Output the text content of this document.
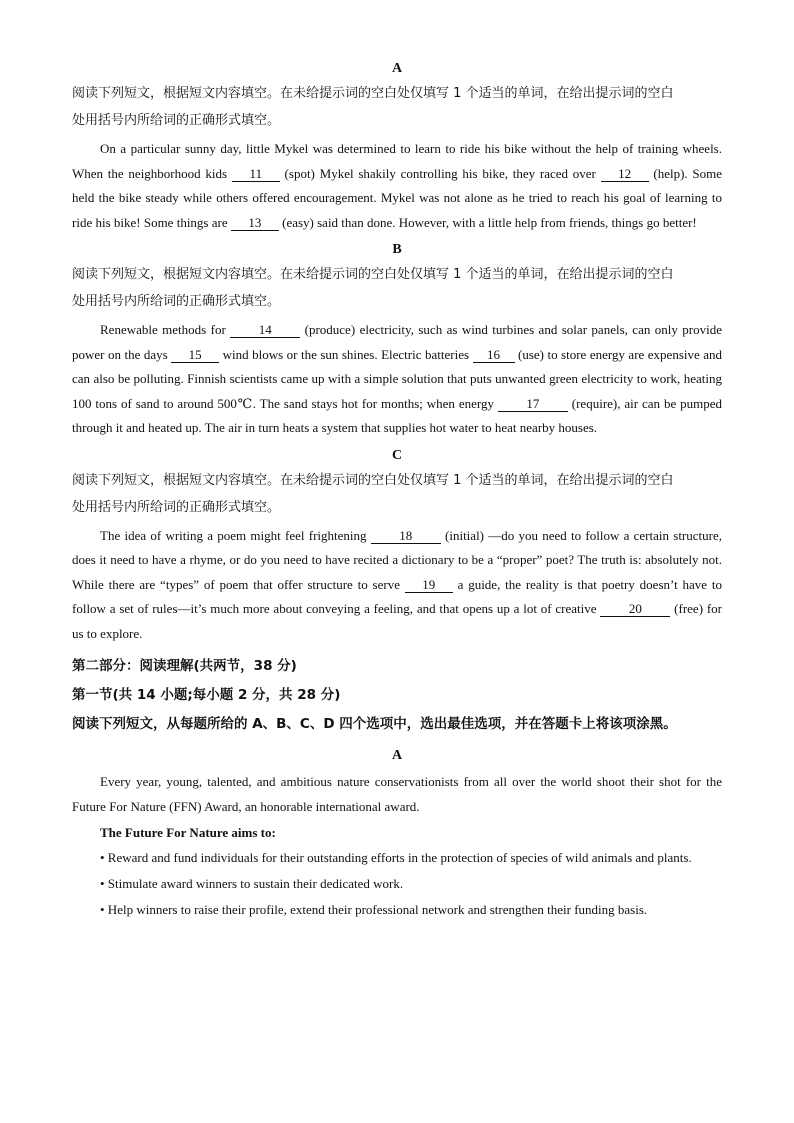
A

阅读下列短文，根据短文内容填空。在未给提示词的空白处仅填写 1 个适当的单词，在给出提示词的空白

处用括号内所给词的正确形式填空。

On a particular sunny day, little Mykel was determined to learn to ride his bike without the help of training wheels. When the neighborhood kids 11 (spot) Mykel shakily controlling his bike, they raced over 12 (help). Some held the bike steady while others offered encouragement. Mykel was not alone as he tried to reach his goal of learning to ride his bike! Some things are 13 (easy) said than done. However, with a little help from friends, things go better!

B

阅读下列短文，根据短文内容填空。在未给提示词的空白处仅填写 1 个适当的单词，在给出提示词的空白

处用括号内所给词的正确形式填空。

Renewable methods for 14 (produce) electricity, such as wind turbines and solar panels, can only provide power on the days 15 wind blows or the sun shines. Electric batteries 16 (use) to store energy are expensive and can also be polluting. Finnish scientists came up with a simple solution that puts unwanted green electricity to work, heating 100 tons of sand to around 500℃. The sand stays hot for months; when energy 17 (require), air can be pumped through it and heated up. The air in turn heats a system that supplies hot water to heat nearby houses.

C

阅读下列短文，根据短文内容填空。在未给提示词的空白处仅填写 1 个适当的单词，在给出提示词的空白

处用括号内所给词的正确形式填空。

The idea of writing a poem might feel frightening 18 (initial) —do you need to follow a certain structure, does it need to have a rhyme, or do you need to have recited a dictionary to be a “proper” poet? The truth is: absolutely not. While there are “types” of poem that offer structure to serve 19 a guide, the reality is that poetry doesn’t have to follow a set of rules—it’s much more about conveying a feeling, and that opens up a lot of creative 20 (free) for us to explore.

第二部分：阅读理解(共两节，38 分)

第一节(共 14 小题;每小题 2 分，共 28 分)

阅读下列短文，从每题所给的 A、B、C、D 四个选项中，选出最佳选项，并在答题卡上将该项涂黑。

A

Every year, young, talented, and ambitious nature conservationists from all over the world shoot their shot for the Future For Nature (FFN) Award, an honorable international award.

The Future For Nature aims to:

• Reward and fund individuals for their outstanding efforts in the protection of species of wild animals and plants.

• Stimulate award winners to sustain their dedicated work.

• Help winners to raise their profile, extend their professional network and strengthen their funding basis.
